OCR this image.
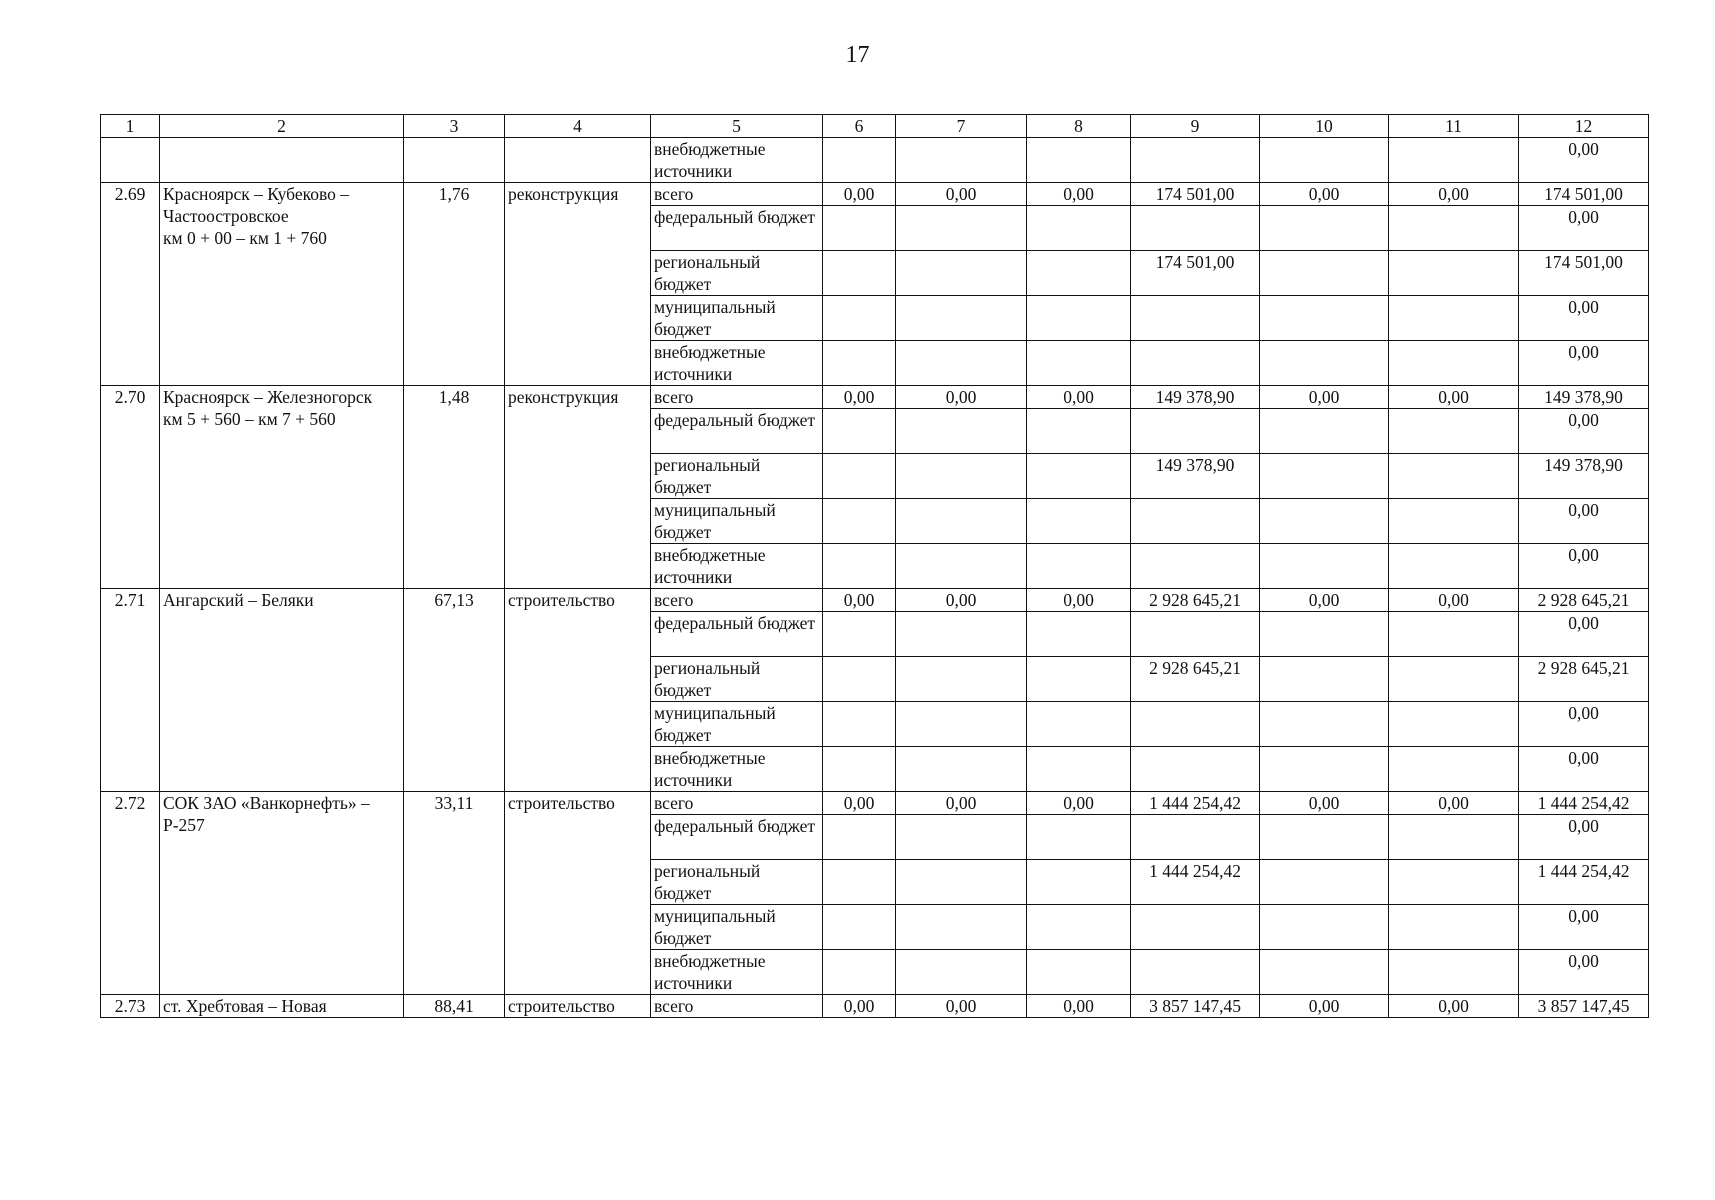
17
1	2	3	4	5	6	7	8	9	10	11	12
				внебюджетные источники							0,00
2.69	Красноярск – Кубеково –
Частоостровское
км 0 + 00 – км 1 + 760	1,76	реконструкция	всего	0,00	0,00	0,00	174 501,00	0,00	0,00	174 501,00
				федеральный бюджет							0,00
				региональный бюджет				174 501,00			174 501,00
				муниципальный бюджет							0,00
				внебюджетные источники							0,00
2.70	Красноярск – Железногорск
км 5 + 560 – км 7 + 560	1,48	реконструкция	всего	0,00	0,00	0,00	149 378,90	0,00	0,00	149 378,90
				федеральный бюджет							0,00
				региональный бюджет				149 378,90			149 378,90
				муниципальный бюджет							0,00
				внебюджетные источники							0,00
2.71	Ангарский – Беляки	67,13	строительство	всего	0,00	0,00	0,00	2 928 645,21	0,00	0,00	2 928 645,21
				федеральный бюджет							0,00
				региональный бюджет				2 928 645,21			2 928 645,21
				муниципальный бюджет							0,00
				внебюджетные источники							0,00
2.72	СОК ЗАО «Ванкорнефть» –
Р-257	33,11	строительство	всего	0,00	0,00	0,00	1 444 254,42	0,00	0,00	1 444 254,42
				федеральный бюджет							0,00
				региональный бюджет				1 444 254,42			1 444 254,42
				муниципальный бюджет							0,00
				внебюджетные источники							0,00
2.73	ст. Хребтовая – Новая	88,41	строительство	всего	0,00	0,00	0,00	3 857 147,45	0,00	0,00	3 857 147,45
